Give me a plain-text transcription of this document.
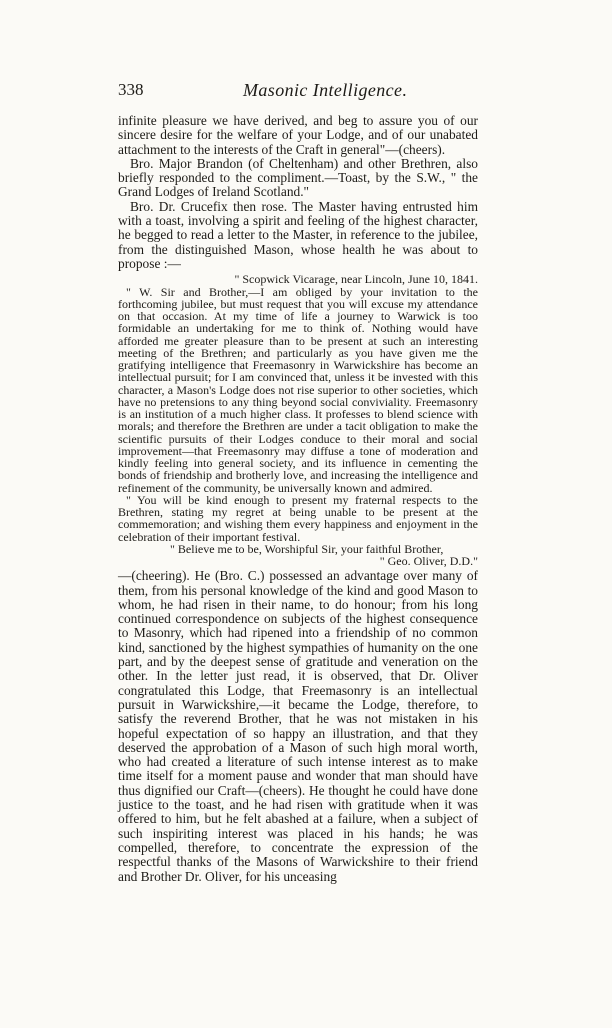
338	Masonic Intelligence.

infinite pleasure we have derived, and beg to assure you of our sincere desire for the welfare of your Lodge, and of our unabated attachment to the interests of the Craft in general"—(cheers).

Bro. Major Brandon (of Cheltenham) and other Brethren, also briefly responded to the compliment.—Toast, by the S.W., " the Grand Lodges of Ireland Scotland."

Bro. Dr. Crucefix then rose. The Master having entrusted him with a toast, involving a spirit and feeling of the highest character, he begged to read a letter to the Master, in reference to the jubilee, from the distinguished Mason, whose health he was about to propose :—

" Scopwick Vicarage, near Lincoln, June 10, 1841.

" W. Sir and Brother,—I am obliged by your invitation to the forthcoming jubilee, but must request that you will excuse my attendance on that occasion. At my time of life a journey to Warwick is too formidable an undertaking for me to think of. Nothing would have afforded me greater pleasure than to be present at such an interesting meeting of the Brethren; and particularly as you have given me the gratifying intelligence that Freemasonry in Warwickshire has become an intellectual pursuit; for I am convinced that, unless it be invested with this character, a Mason's Lodge does not rise superior to other societies, which have no pretensions to any thing beyond social conviviality. Freemasonry is an institution of a much higher class. It professes to blend science with morals; and therefore the Brethren are under a tacit obligation to make the scientific pursuits of their Lodges conduce to their moral and social improvement—that Freemasonry may diffuse a tone of moderation and kindly feeling into general society, and its influence in cementing the bonds of friendship and brotherly love, and increasing the intelligence and refinement of the community, be universally known and admired.

" You will be kind enough to present my fraternal respects to the Brethren, stating my regret at being unable to be present at the commemoration; and wishing them every happiness and enjoyment in the celebration of their important festival.

" Believe me to be, Worshipful Sir, your faithful Brother,

" Geo. Oliver, D.D."

—(cheering). He (Bro. C.) possessed an advantage over many of them, from his personal knowledge of the kind and good Mason to whom, he had risen in their name, to do honour; from his long continued correspondence on subjects of the highest consequence to Masonry, which had ripened into a friendship of no common kind, sanctioned by the highest sympathies of humanity on the one part, and by the deepest sense of gratitude and veneration on the other. In the letter just read, it is observed, that Dr. Oliver congratulated this Lodge, that Freemasonry is an intellectual pursuit in Warwickshire,—it became the Lodge, therefore, to satisfy the reverend Brother, that he was not mistaken in his hopeful expectation of so happy an illustration, and that they deserved the approbation of a Mason of such high moral worth, who had created a literature of such intense interest as to make time itself for a moment pause and wonder that man should have thus dignified our Craft—(cheers). He thought he could have done justice to the toast, and he had risen with gratitude when it was offered to him, but he felt abashed at a failure, when a subject of such inspiriting interest was placed in his hands; he was compelled, therefore, to concentrate the expression of the respectful thanks of the Masons of Warwickshire to their friend and Brother Dr. Oliver, for his unceasing
